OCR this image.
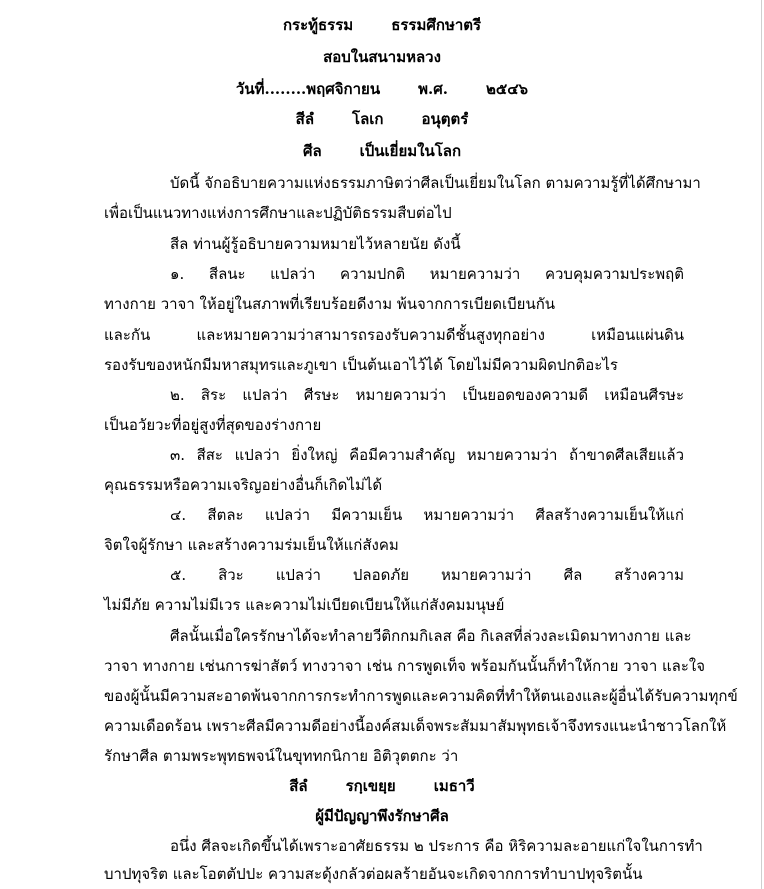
กระทู้ธรรม	ธรรมศึกษาตรี
สอบในสนามหลวง
วันที่........พฤศจิกายน	พ.ศ.	๒๕๔๖
สีลํ	โลเก	อนุตฺตรํ
ศีล	เป็นเยี่ยมในโลก
บัดนี้ จักอธิบายความแห่งธรรมภาษิตว่าศีลเป็นเยี่ยมในโลก ตามความรู้ที่ได้ศึกษามา
เพื่อเป็นแนวทางแห่งการศึกษาและปฏิบัติธรรมสืบต่อไป
สีล ท่านผู้รู้อธิบายความหมายไว้หลายนัย ดังนี้
๑. สีลนะ แปลว่า ความปกติ หมายความว่า ควบคุมความประพฤติ
ทางกาย วาจา ให้อยู่ในสภาพที่เรียบร้อยดีงาม พ้นจากการเบียดเบียนกัน
และกัน และหมายความว่าสามารถรองรับความดีชั้นสูงทุกอย่าง เหมือนแผ่นดิน
รองรับของหนักมีมหาสมุทรและภูเขา เป็นต้นเอาไว้ได้ โดยไม่มีความผิดปกติอะไร
๒. สิระ แปลว่า ศีรษะ หมายความว่า เป็นยอดของความดี เหมือนศีรษะ
เป็นอวัยวะที่อยู่สูงที่สุดของร่างกาย
๓. สีสะ แปลว่า ยิ่งใหญ่ คือมีความสำคัญ หมายความว่า ถ้าขาดศีลเสียแล้ว
คุณธรรมหรือความเจริญอย่างอื่นก็เกิดไม่ได้
๔. สีตละ แปลว่า มีความเย็น หมายความว่า ศีลสร้างความเย็นให้แก่
จิตใจผู้รักษา และสร้างความร่มเย็นให้แก่สังคม
๕. สิวะ แปลว่า ปลอดภัย หมายความว่า ศีล สร้างความ
ไม่มีภัย ความไม่มีเวร และความไม่เบียดเบียนให้แก่สังคมมนุษย์
ศีลนั้นเมื่อใครรักษาได้จะทำลายวีติกกมกิเลส คือ กิเลสที่ล่วงละเมิดมาทางกาย และ
วาจา ทางกาย เช่นการฆ่าสัตว์ ทางวาจา เช่น การพูดเท็จ พร้อมกันนั้นก็ทำให้กาย วาจา และใจ
ของผู้นั้นมีความสะอาดพ้นจากการกระทำการพูดและความคิดที่ทำให้ตนเองและผู้อื่นได้รับความทุกข์
ความเดือดร้อน เพราะศีลมีความดีอย่างนี้องค์สมเด็จพระสัมมาสัมพุทธเจ้าจึงทรงแนะนำชาวโลกให้
รักษาศีล ตามพระพุทธพจน์ในขุททกนิกาย อิติวุตตกะ ว่า
สีลํ	รกฺเขยฺย	เมธาวี
ผู้มีปัญญาพึงรักษาศีล
อนึ่ง ศีลจะเกิดขึ้นได้เพราะอาศัยธรรม ๒ ประการ คือ หิริความละอายแก่ใจในการทำ
บาปทุจริต และโอตตัปปะ ความสะดุ้งกลัวต่อผลร้ายอันจะเกิดจากการทำบาปทุจริตนั้น
